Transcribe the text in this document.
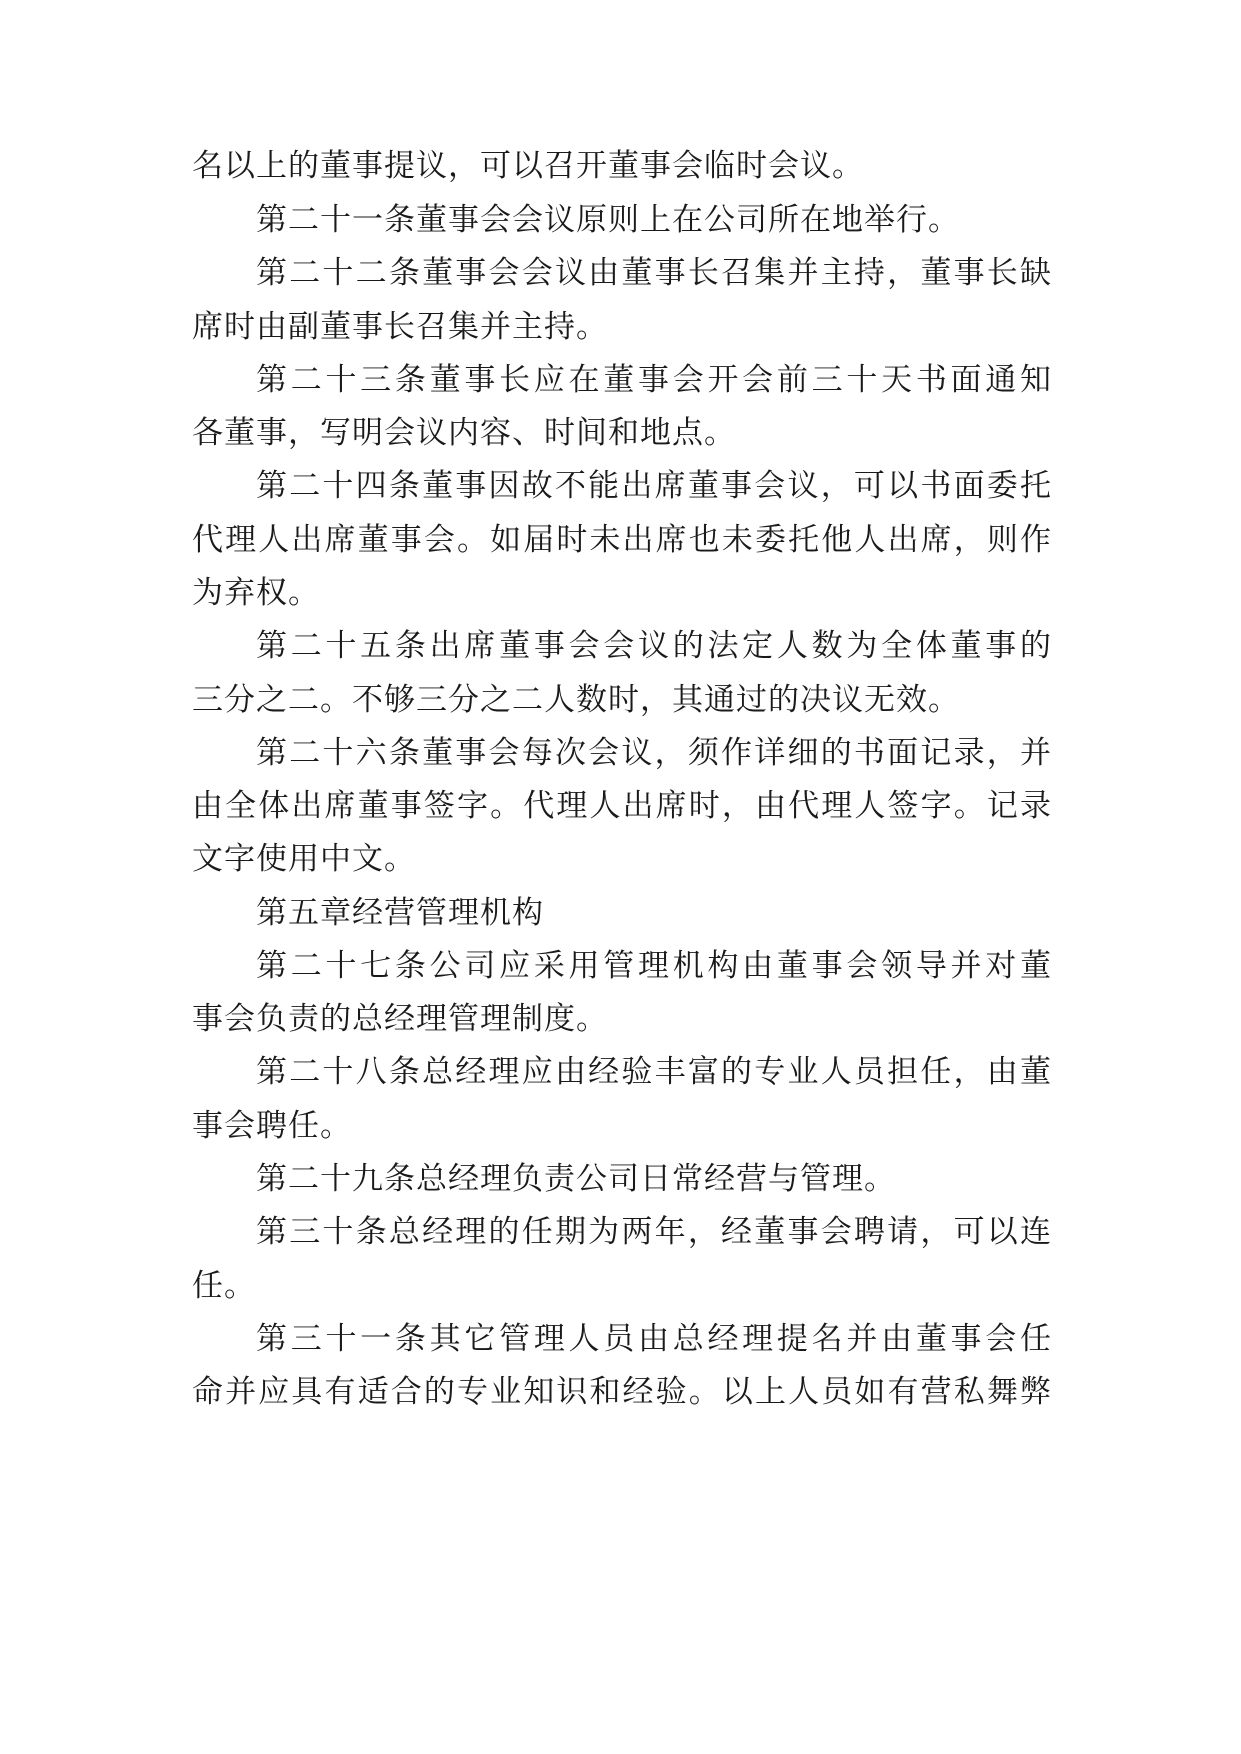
名以上的董事提议，可以召开董事会临时会议。
第二十一条董事会会议原则上在公司所在地举行。
第二十二条董事会会议由董事长召集并主持，董事长缺
席时由副董事长召集并主持。
第二十三条董事长应在董事会开会前三十天书面通知
各董事，写明会议内容、时间和地点。
第二十四条董事因故不能出席董事会议，可以书面委托
代理人出席董事会。如届时未出席也未委托他人出席，则作
为弃权。
第二十五条出席董事会会议的法定人数为全体董事的
三分之二。不够三分之二人数时，其通过的决议无效。
第二十六条董事会每次会议，须作详细的书面记录，并
由全体出席董事签字。代理人出席时，由代理人签字。记录
文字使用中文。
第五章经营管理机构
第二十七条公司应采用管理机构由董事会领导并对董
事会负责的总经理管理制度。
第二十八条总经理应由经验丰富的专业人员担任，由董
事会聘任。
第二十九条总经理负责公司日常经营与管理。
第三十条总经理的任期为两年，经董事会聘请，可以连
任。
第三十一条其它管理人员由总经理提名并由董事会任
命并应具有适合的专业知识和经验。以上人员如有营私舞弊
